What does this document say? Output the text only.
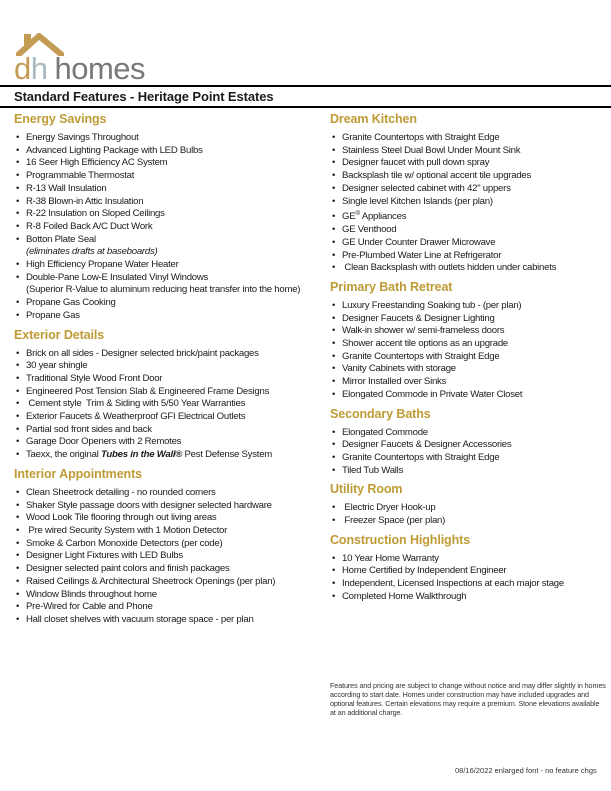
dh homes
Standard Features - Heritage Point Estates
Energy Savings
• Energy Savings Throughout
• Advanced Lighting Package with LED Bulbs
• 16 Seer High Efficiency AC System
• Programmable Thermostat
• R-13 Wall Insulation
• R-38 Blown-in Attic Insulation
• R-22 Insulation on Sloped Ceilings
• R-8 Foiled Back A/C Duct Work
• Botton Plate Seal
(eliminates drafts at baseboards)
• High Efficiency Propane Water Heater
• Double-Pane Low-E Insulated Vinyl Windows
(Superior R-Value to aluminum reducing heat transfer into the home)
• Propane Gas Cooking
• Propane Gas
Exterior Details
• Brick on all sides - Designer selected brick/paint packages
• 30 year shingle
• Traditional Style Wood Front Door
• Engineered Post Tension Slab & Engineered Frame Designs
• Cement style  Trim & Siding with 5/50 Year Warranties
• Exterior Faucets & Weatherproof GFI Electrical Outlets
• Partial sod front sides and back
• Garage Door Openers with 2 Remotes
• Taexx, the original Tubes in the Wall® Pest Defense System
Interior Appointments
• Clean Sheetrock detailing - no rounded corners
• Shaker Style passage doors with designer selected hardware
• Wood Look Tile flooring through out living areas
• Pre wired Security System with 1 Motion Detector
• Smoke & Carbon Monoxide Detectors (per code)
• Designer Light Fixtures with LED Bulbs
• Designer selected paint colors and finish packages
• Raised Ceilings & Architectural Sheetrock Openings (per plan)
• Window Blinds throughout home
• Pre-Wired for Cable and Phone
• Hall closet shelves with vacuum storage space - per plan
Dream Kitchen
• Granite Countertops with Straight Edge
• Stainless Steel Dual Bowl Under Mount Sink
• Designer faucet with pull down spray
• Backsplash tile w/ optional accent tile upgrades
• Designer selected cabinet with 42" uppers
• Single level Kitchen Islands (per plan)
• GE® Appliances
• GE Venthood
• GE Under Counter Drawer Microwave
• Pre-Plumbed Water Line at Refrigerator
• Clean Backsplash with outlets hidden under cabinets
Primary Bath Retreat
• Luxury Freestanding Soaking tub - (per plan)
• Designer Faucets & Designer Lighting
• Walk-in shower w/ semi-frameless doors
• Shower accent tile options as an upgrade
• Granite Countertops with Straight Edge
• Vanity Cabinets with storage
• Mirror Installed over Sinks
• Elongated Commode in Private Water Closet
Secondary Baths
• Elongated Commode
• Designer Faucets & Designer Accessories
• Granite Countertops with Straight Edge
• Tiled Tub Walls
Utility Room
• Electric Dryer Hook-up
• Freezer Space (per plan)
Construction Highlights
• 10 Year Home Warranty
• Home Certified by Independent Engineer
• Independent, Licensed Inspections at each major stage
• Completed Home Walkthrough
Features and pricing are subject to change without notice and may differ slightly in homes according to start date. Homes under construction may have included upgrades and optional features. Certain elevations may require a premium. Stone elevations available at an additional charge.
08/16/2022 enlarged font - no feature chgs
